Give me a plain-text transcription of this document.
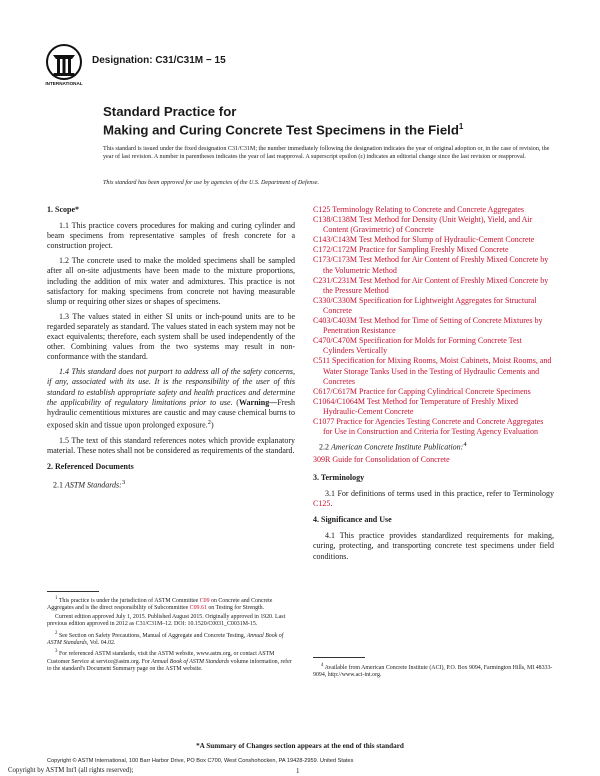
INTERNATIONAL
Designation: C31/C31M − 15
Standard Practice for
Making and Curing Concrete Test Specimens in the Field$^1$

This standard is issued under the fixed designation C31/C31M; the number immediately following the designation indicates the year of original adoption or, in the case of revision, the year of last revision. A number in parentheses indicates the year of last reapproval. A superscript epsilon (ε) indicates an editorial change since the last revision or reapproval.

This standard has been approved for use by agencies of the U.S. Department of Defense.

1. Scope*

1.1 This practice covers procedures for making and curing cylinder and beam specimens from representative samples of fresh concrete for a construction project.

1.2 The concrete used to make the molded specimens shall be sampled after all on-site adjustments have been made to the mixture proportions, including the addition of mix water and admixtures. This practice is not satisfactory for making specimens from concrete not having measurable slump or requiring other sizes or shapes of specimens.

1.3 The values stated in either SI units or inch-pound units are to be regarded separately as standard. The values stated in each system may not be exact equivalents; therefore, each system shall be used independently of the other. Combining values from the two systems may result in non-conformance with the standard.

1.4 This standard does not purport to address all of the safety concerns, if any, associated with its use. It is the responsibility of the user of this standard to establish appropriate safety and health practices and determine the applicability of regulatory limitations prior to use. (Warning—Fresh hydraulic cementitious mixtures are caustic and may cause chemical burns to exposed skin and tissue upon prolonged exposure.$^2$)

1.5 The text of this standard references notes which provide explanatory material. These notes shall not be considered as requirements of the standard.

2. Referenced Documents

2.1 ASTM Standards:$^3$

$^1$ This practice is under the jurisdiction of ASTM Committee C09 on Concrete and Concrete Aggregates and is the direct responsibility of Subcommittee C09.61 on Testing for Strength.

Current edition approved July 1, 2015. Published August 2015. Originally approved in 1920. Last previous edition approved in 2012 as C31/C31M–12. DOI: 10.1520/C0031_C0031M-15.

$^2$ See Section on Safety Precautions, Manual of Aggregate and Concrete Testing, Annual Book of ASTM Standards, Vol. 04.02.

$^3$ For referenced ASTM standards, visit the ASTM website, www.astm.org, or contact ASTM Customer Service at service@astm.org. For Annual Book of ASTM Standards volume information, refer to the standard's Document Summary page on the ASTM website.

C125 Terminology Relating to Concrete and Concrete Aggregates

C138/C138M Test Method for Density (Unit Weight), Yield, and Air Content (Gravimetric) of Concrete

C143/C143M Test Method for Slump of Hydraulic-Cement Concrete

C172/C172M Practice for Sampling Freshly Mixed Concrete

C173/C173M Test Method for Air Content of Freshly Mixed Concrete by the Volumetric Method

C231/C231M Test Method for Air Content of Freshly Mixed Concrete by the Pressure Method

C330/C330M Specification for Lightweight Aggregates for Structural Concrete

C403/C403M Test Method for Time of Setting of Concrete Mixtures by Penetration Resistance

C470/C470M Specification for Molds for Forming Concrete Test Cylinders Vertically

C511 Specification for Mixing Rooms, Moist Cabinets, Moist Rooms, and Water Storage Tanks Used in the Testing of Hydraulic Cements and Concretes

C617/C617M Practice for Capping Cylindrical Concrete Specimens

C1064/C1064M Test Method for Temperature of Freshly Mixed Hydraulic-Cement Concrete

C1077 Practice for Agencies Testing Concrete and Concrete Aggregates for Use in Construction and Criteria for Testing Agency Evaluation

2.2 American Concrete Institute Publication:$^4$

309R Guide for Consolidation of Concrete

3. Terminology

3.1 For definitions of terms used in this practice, refer to Terminology C125.

4. Significance and Use

4.1 This practice provides standardized requirements for making, curing, protecting, and transporting concrete test specimens under field conditions.

$^4$ Available from American Concrete Institute (ACI), P.O. Box 9094, Farmington Hills, MI 48333-9094, http://www.aci-int.org.

*A Summary of Changes section appears at the end of this standard
Copyright © ASTM International, 100 Barr Harbor Drive, PO Box C700, West Conshohocken, PA 19428-2959. United States
Copyright by ASTM Int'l (all rights reserved);	1
